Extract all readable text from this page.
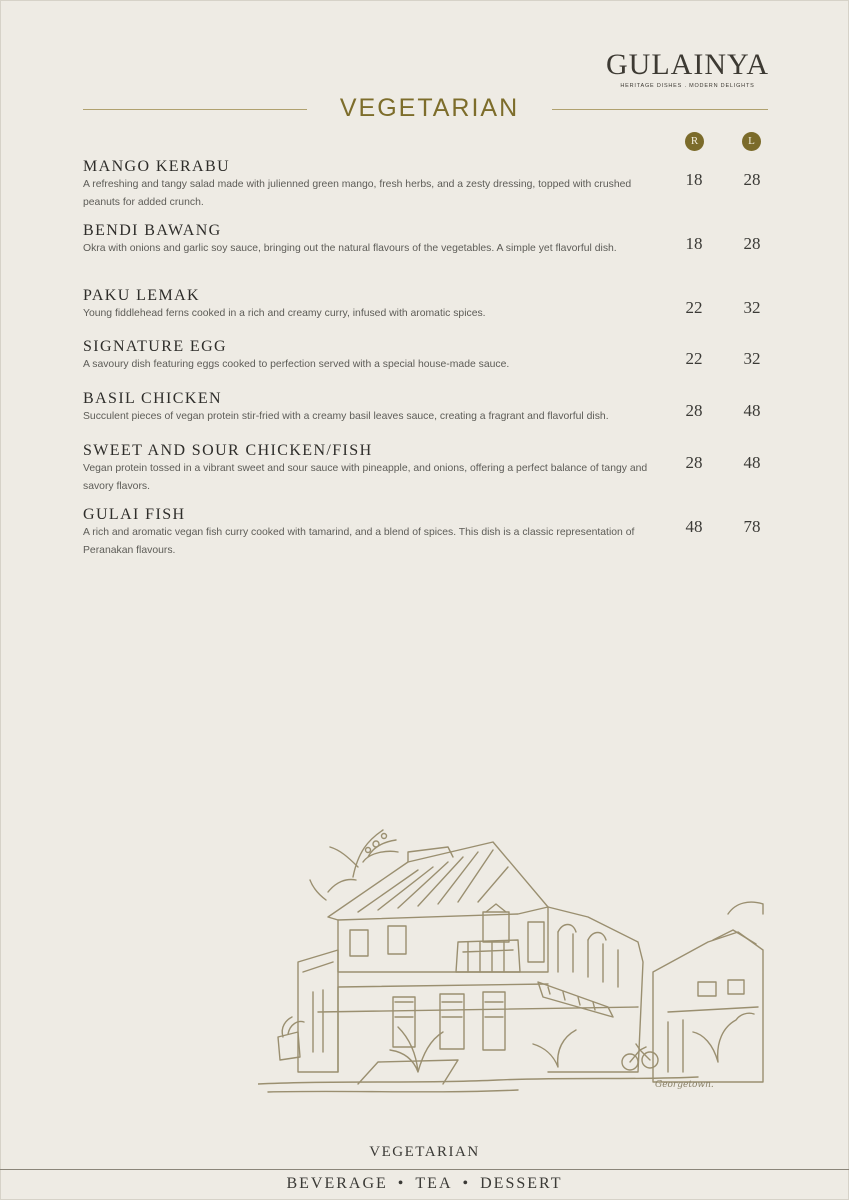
GULAINYA
HERITAGE DISHES . MODERN DELIGHTS
VEGETARIAN
R	L
MANGO KERABU
A refreshing and tangy salad made with julienned green mango, fresh herbs, and a zesty dressing, topped with crushed peanuts for added crunch.
18	28
BENDI BAWANG
Okra with onions and garlic soy sauce, bringing out the natural flavours of the vegetables. A simple yet flavorful dish.	18	28
PAKU LEMAK
Young fiddlehead ferns cooked in a rich and creamy curry, infused with aromatic spices.	22	32
SIGNATURE EGG
A savoury dish featuring eggs cooked to perfection served with a special house-made sauce.	22	32
BASIL CHICKEN
Succulent pieces of vegan protein stir-fried with a creamy basil leaves sauce, creating a fragrant and flavorful dish.	28	48
SWEET AND SOUR CHICKEN/FISH
Vegan protein tossed in a vibrant sweet and sour sauce with pineapple, and onions, offering a perfect balance of tangy and savory flavors.
28	48
GULAI FISH
A rich and aromatic vegan fish curry cooked with tamarind, and a blend of spices. This dish is a classic representation of Peranakan flavours.
48	78
Georgetown.
VEGETARIAN
BEVERAGE • TEA • DESSERT
